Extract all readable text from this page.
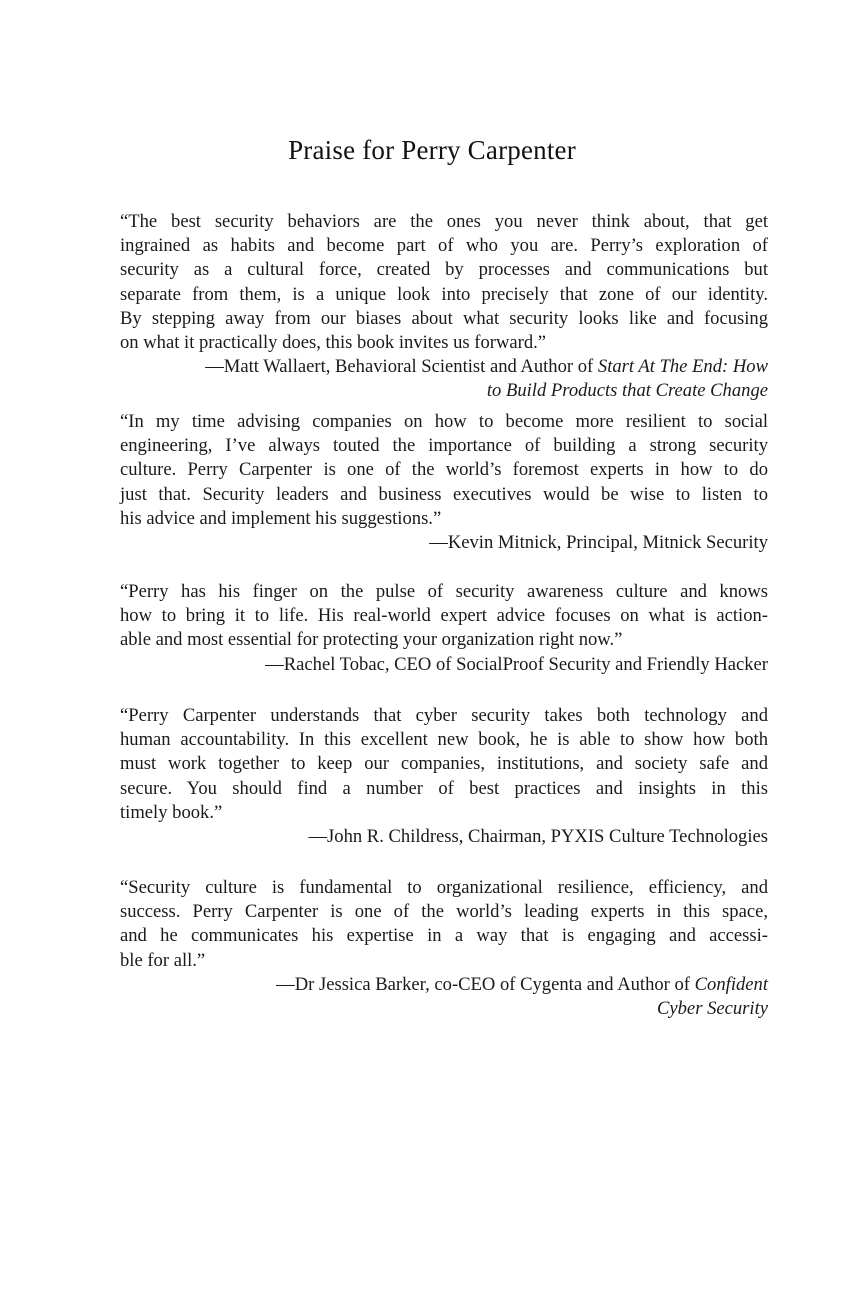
Praise for Perry Carpenter
“The best security behaviors are the ones you never think about, that get
ingrained as habits and become part of who you are. Perry’s exploration of
security as a cultural force, created by processes and communications but
separate from them, is a unique look into precisely that zone of our identity.
By stepping away from our biases about what security looks like and focusing
on what it practically does, this book invites us forward.”
—Matt Wallaert, Behavioral Scientist and Author of Start At The End: How
to Build Products that Create Change
“In my time advising companies on how to become more resilient to social
engineering, I’ve always touted the importance of building a strong security
culture. Perry Carpenter is one of the world’s foremost experts in how to do
just that. Security leaders and business executives would be wise to listen to
his advice and implement his suggestions.”
—Kevin Mitnick, Principal, Mitnick Security
“Perry has his finger on the pulse of security awareness culture and knows
how to bring it to life. His real-world expert advice focuses on what is action-
able and most essential for protecting your organization right now.”
—Rachel Tobac, CEO of SocialProof Security and Friendly Hacker
“Perry Carpenter understands that cyber security takes both technology and
human accountability. In this excellent new book, he is able to show how both
must work together to keep our companies, institutions, and society safe and
secure. You should find a number of best practices and insights in this
timely book.”
—John R. Childress, Chairman, PYXIS Culture Technologies
“Security culture is fundamental to organizational resilience, efficiency, and
success. Perry Carpenter is one of the world’s leading experts in this space,
and he communicates his expertise in a way that is engaging and accessi-
ble for all.”
—Dr Jessica Barker, co-CEO of Cygenta and Author of Confident
Cyber Security
